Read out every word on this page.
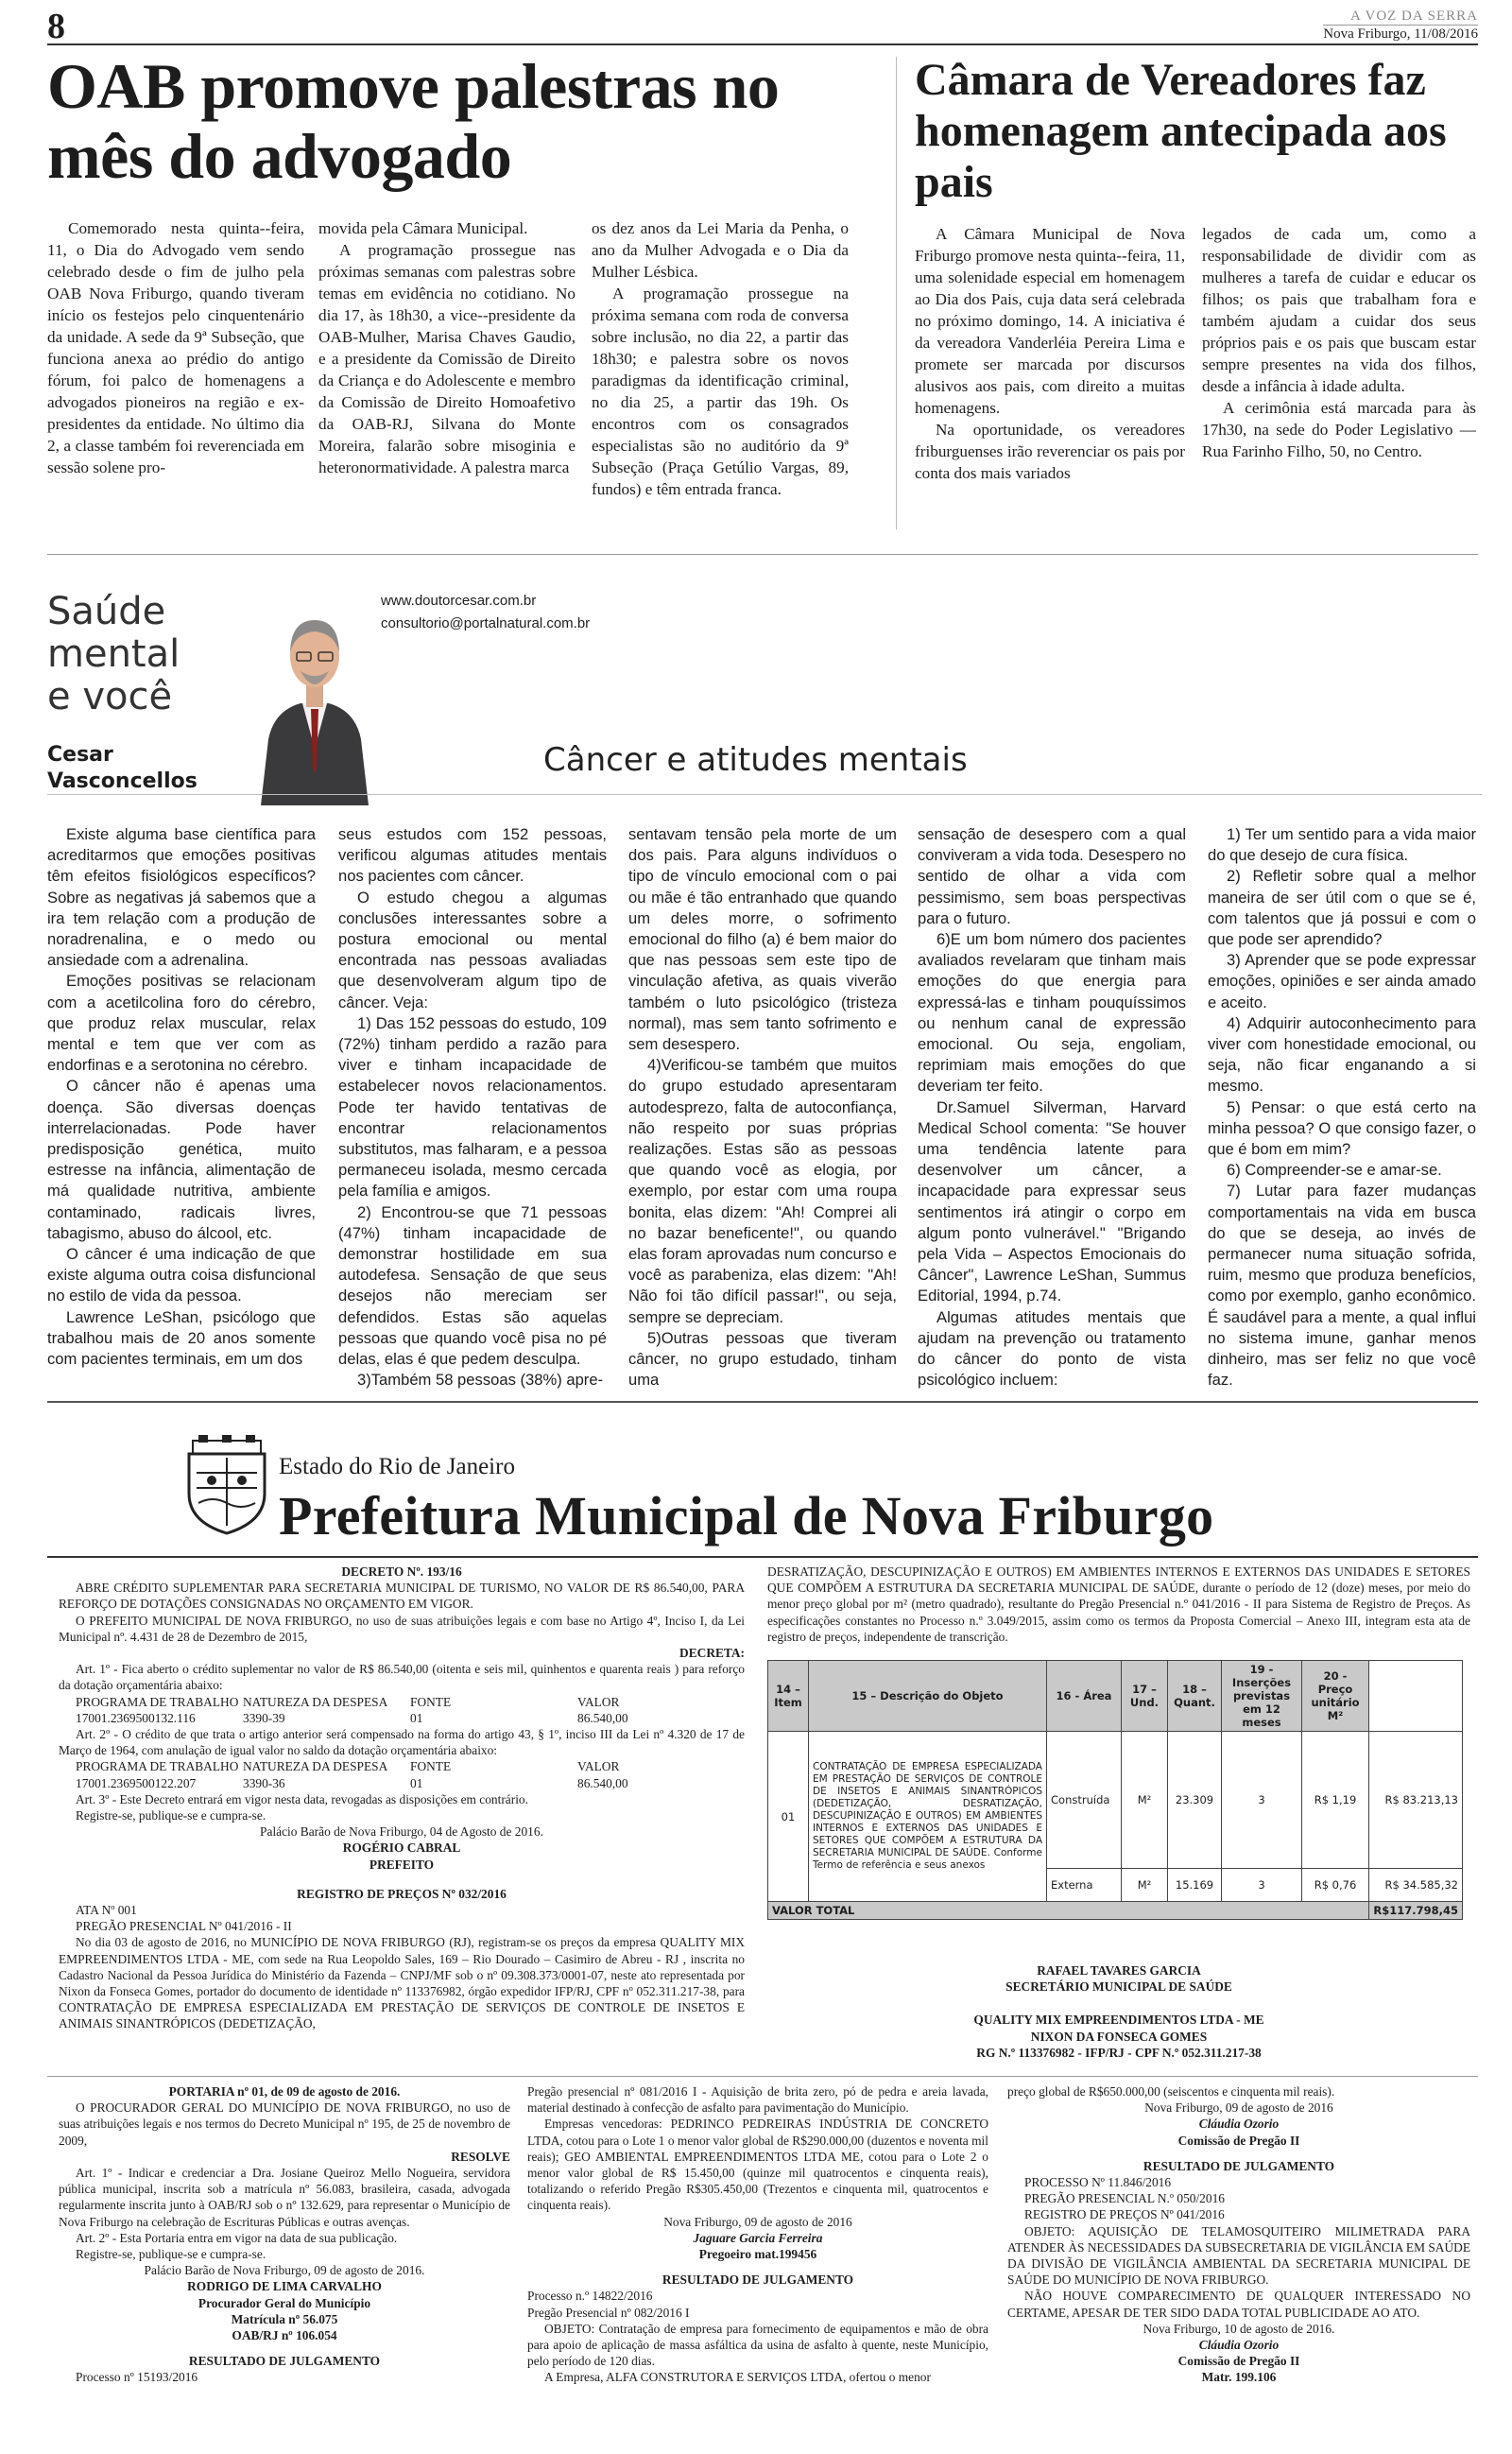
8	A VOZ DA SERRA
Nova Friburgo, 11/08/2016
OAB promove palestras no mês do advogado

Comemorado nesta quinta--feira, 11, o Dia do Advogado vem sendo celebrado desde o fim de julho pela OAB Nova Friburgo, quando tiveram início os festejos pelo cinquentenário da unidade. A sede da 9ª Subseção, que funciona anexa ao prédio do antigo fórum, foi palco de homenagens a advogados pioneiros na região e ex-presidentes da entidade. No último dia 2, a classe também foi reverenciada em sessão solene pro-

movida pela Câmara Municipal.

A programação prossegue nas próximas semanas com palestras sobre temas em evidência no cotidiano. No dia 17, às 18h30, a vice--presidente da OAB-Mulher, Marisa Chaves Gaudio, e a presidente da Comissão de Direito da Criança e do Adolescente e membro da Comissão de Direito Homoafetivo da OAB-RJ, Silvana do Monte Moreira, falarão sobre misoginia e heteronormatividade. A palestra marca

os dez anos da Lei Maria da Penha, o ano da Mulher Advogada e o Dia da Mulher Lésbica.

A programação prossegue na próxima semana com roda de conversa sobre inclusão, no dia 22, a partir das 18h30; e palestra sobre os novos paradigmas da identificação criminal, no dia 25, a partir das 19h. Os encontros com os consagrados especialistas são no auditório da 9ª Subseção (Praça Getúlio Vargas, 89, fundos) e têm entrada franca.

Câmara de Vereadores faz homenagem antecipada aos pais

A Câmara Municipal de Nova Friburgo promove nesta quinta--feira, 11, uma solenidade especial em homenagem ao Dia dos Pais, cuja data será celebrada no próximo domingo, 14. A iniciativa é da vereadora Vanderléia Pereira Lima e promete ser marcada por discursos alusivos aos pais, com direito a muitas homenagens.

Na oportunidade, os vereadores friburguenses irão reverenciar os pais por conta dos mais variados

legados de cada um, como a responsabilidade de dividir com as mulheres a tarefa de cuidar e educar os filhos; os pais que trabalham fora e também ajudam a cuidar dos seus próprios pais e os pais que buscam estar sempre presentes na vida dos filhos, desde a infância à idade adulta.

A cerimônia está marcada para às 17h30, na sede do Poder Legislativo — Rua Farinho Filho, 50, no Centro.

Saúde
mental
e você
Cesar
Vasconcellos
www.doutorcesar.com.br
consultorio@portalnatural.com.br
Câncer e atitudes mentais

Existe alguma base científica para acreditarmos que emoções positivas têm efeitos fisiológicos específicos? Sobre as negativas já sabemos que a ira tem relação com a produção de noradrenalina, e o medo ou ansiedade com a adrenalina.

Emoções positivas se relacionam com a acetilcolina foro do cérebro, que produz relax muscular, relax mental e tem que ver com as endorfinas e a serotonina no cérebro.

O câncer não é apenas uma doença. São diversas doenças interrelacionadas. Pode haver predisposição genética, muito estresse na infância, alimentação de má qualidade nutritiva, ambiente contaminado, radicais livres, tabagismo, abuso do álcool, etc.

O câncer é uma indicação de que existe alguma outra coisa disfuncional no estilo de vida da pessoa.

Lawrence LeShan, psicólogo que trabalhou mais de 20 anos somente com pacientes terminais, em um dos

seus estudos com 152 pessoas, verificou algumas atitudes mentais nos pacientes com câncer.

O estudo chegou a algumas conclusões interessantes sobre a postura emocional ou mental encontrada nas pessoas avaliadas que desenvolveram algum tipo de câncer. Veja:

1) Das 152 pessoas do estudo, 109 (72%) tinham perdido a razão para viver e tinham incapacidade de estabelecer novos relacionamentos. Pode ter havido tentativas de encontrar relacionamentos substitutos, mas falharam, e a pessoa permaneceu isolada, mesmo cercada pela família e amigos.

2) Encontrou-se que 71 pessoas (47%) tinham incapacidade de demonstrar hostilidade em sua autodefesa. Sensação de que seus desejos não mereciam ser defendidos. Estas são aquelas pessoas que quando você pisa no pé delas, elas é que pedem desculpa.

3)Também 58 pessoas (38%) apre-

sentavam tensão pela morte de um dos pais. Para alguns indivíduos o tipo de vínculo emocional com o pai ou mãe é tão entranhado que quando um deles morre, o sofrimento emocional do filho (a) é bem maior do que nas pessoas sem este tipo de vinculação afetiva, as quais viverão também o luto psicológico (tristeza normal), mas sem tanto sofrimento e sem desespero.

4)Verificou-se também que muitos do grupo estudado apresentaram autodesprezo, falta de autoconfiança, não respeito por suas próprias realizações. Estas são as pessoas que quando você as elogia, por exemplo, por estar com uma roupa bonita, elas dizem: "Ah! Comprei ali no bazar beneficente!", ou quando elas foram aprovadas num concurso e você as parabeniza, elas dizem: "Ah! Não foi tão difícil passar!", ou seja, sempre se depreciam.

5)Outras pessoas que tiveram câncer, no grupo estudado, tinham uma

sensação de desespero com a qual conviveram a vida toda. Desespero no sentido de olhar a vida com pessimismo, sem boas perspectivas para o futuro.

6)E um bom número dos pacientes avaliados revelaram que tinham mais emoções do que energia para expressá-las e tinham pouquíssimos ou nenhum canal de expressão emocional. Ou seja, engoliam, reprimiam mais emoções do que deveriam ter feito.

Dr.Samuel Silverman, Harvard Medical School comenta: "Se houver uma tendência latente para desenvolver um câncer, a incapacidade para expressar seus sentimentos irá atingir o corpo em algum ponto vulnerável." "Brigando pela Vida – Aspectos Emocionais do Câncer", Lawrence LeShan, Summus Editorial, 1994, p.74.

Algumas atitudes mentais que ajudam na prevenção ou tratamento do câncer do ponto de vista psicológico incluem:

1) Ter um sentido para a vida maior do que desejo de cura física.

2) Refletir sobre qual a melhor maneira de ser útil com o que se é, com talentos que já possui e com o que pode ser aprendido?

3) Aprender que se pode expressar emoções, opiniões e ser ainda amado e aceito.

4) Adquirir autoconhecimento para viver com honestidade emocional, ou seja, não ficar enganando a si mesmo.

5) Pensar: o que está certo na minha pessoa? O que consigo fazer, o que é bom em mim?

6) Compreender-se e amar-se.

7) Lutar para fazer mudanças comportamentais na vida em busca do que se deseja, ao invés de permanecer numa situação sofrida, ruim, mesmo que produza benefícios, como por exemplo, ganho econômico. É saudável para a mente, a qual influi no sistema imune, ganhar menos dinheiro, mas ser feliz no que você faz.

Estado do Rio de Janeiro
Prefeitura Municipal de Nova Friburgo

DECRETO Nº. 193/16

ABRE CRÉDITO SUPLEMENTAR PARA SECRETARIA MUNICIPAL DE TURISMO, NO VALOR DE R$ 86.540,00, PARA REFORÇO DE DOTAÇÕES CONSIGNADAS NO ORÇAMENTO EM VIGOR.

O PREFEITO MUNICIPAL DE NOVA FRIBURGO, no uso de suas atribuições legais e com base no Artigo 4º, Inciso I, da Lei Municipal nº. 4.431 de 28 de Dezembro de 2015,

DECRETA:

Art. 1º - Fica aberto o crédito suplementar no valor de R$ 86.540,00 (oitenta e seis mil, quinhentos e quarenta reais ) para reforço da dotação orçamentária abaixo:

PROGRAMA DE TRABALHO NATUREZA DA DESPESA	FONTE	VALOR
17001.2369500132.116	3390-39	01	86.540,00

Art. 2º - O crédito de que trata o artigo anterior será compensado na forma do artigo 43, § 1º, inciso III da Lei nº 4.320 de 17 de Março de 1964, com anulação de igual valor no saldo da dotação orçamentária abaixo:

PROGRAMA DE TRABALHO NATUREZA DA DESPESA	FONTE	VALOR
17001.2369500122.207	3390-36	01	86.540,00

Art. 3º - Este Decreto entrará em vigor nesta data, revogadas as disposições em contrário.

Registre-se, publique-se e cumpra-se.

Palácio Barão de Nova Friburgo, 04 de Agosto de 2016.

ROGÉRIO CABRAL

PREFEITO

REGISTRO DE PREÇOS Nº 032/2016

ATA Nº 001

PREGÃO PRESENCIAL Nº 041/2016 - II

No dia 03 de agosto de 2016, no MUNICÍPIO DE NOVA FRIBURGO (RJ), registram-se os preços da empresa QUALITY MIX EMPREENDIMENTOS LTDA - ME, com sede na Rua Leopoldo Sales, 169 – Rio Dourado – Casimiro de Abreu - RJ , inscrita no Cadastro Nacional da Pessoa Jurídica do Ministério da Fazenda – CNPJ/MF sob o nº 09.308.373/0001-07, neste ato representada por Nixon da Fonseca Gomes, portador do documento de identidade nº 113376982, órgão expedidor IFP/RJ, CPF nº 052.311.217-38, para CONTRATAÇÃO DE EMPRESA ESPECIALIZADA EM PRESTAÇÃO DE SERVIÇOS DE CONTROLE DE INSETOS E ANIMAIS SINANTRÓPICOS (DEDETIZAÇÃO,

DESRATIZAÇÃO, DESCUPINIZAÇÃO E OUTROS) EM AMBIENTES INTERNOS E EXTERNOS DAS UNIDADES E SETORES QUE COMPÕEM A ESTRUTURA DA SECRETARIA MUNICIPAL DE SAÚDE, durante o período de 12 (doze) meses, por meio do menor preço global por m² (metro quadrado), resultante do Pregão Presencial n.º 041/2016 - II para Sistema de Registro de Preços. As especificações constantes no Processo n.º 3.049/2015, assim como os termos da Proposta Comercial – Anexo III, integram esta ata de registro de preços, independente de transcrição.

14 – Item	15 – Descrição do Objeto	16 - Área	17 – Und.	18 – Quant.	19 - Inserções previstas em 12 meses	20 - Preço unitário M²	
01	CONTRATAÇÃO DE EMPRESA ESPECIALIZADA EM PRESTAÇÃO DE SERVIÇOS DE CONTROLE DE INSETOS E ANIMAIS SINANTRÓPICOS (DEDETIZAÇÃO, DESRATIZAÇÃO, DESCUPINIZAÇÃO E OUTROS) EM AMBIENTES INTERNOS E EXTERNOS DAS UNIDADES E SETORES QUE COMPÕEM A ESTRUTURA DA SECRETARIA MUNICIPAL DE SAÚDE. Conforme Termo de referência e seus anexos	Construída	M²	23.309	3	R$ 1,19	R$ 83.213,13
		Externa	M²	15.169	3	R$ 0,76	R$ 34.585,32
VALOR TOTAL							R$117.798,45

RAFAEL TAVARES GARCIA

SECRETÁRIO MUNICIPAL DE SAÚDE

QUALITY MIX EMPREENDIMENTOS LTDA - ME

NIXON DA FONSECA GOMES

RG N.º 113376982 - IFP/RJ - CPF N.º 052.311.217-38

PORTARIA nº 01, de 09 de agosto de 2016.

O PROCURADOR GERAL DO MUNICÍPIO DE NOVA FRIBURGO, no uso de suas atribuições legais e nos termos do Decreto Municipal nº 195, de 25 de novembro de 2009,

RESOLVE

Art. 1º - Indicar e credenciar a Dra. Josiane Queiroz Mello Nogueira, servidora pública municipal, inscrita sob a matrícula nº 56.083, brasileira, casada, advogada regularmente inscrita junto à OAB/RJ sob o nº 132.629, para representar o Município de Nova Friburgo na celebração de Escrituras Públicas e outras avenças.

Art. 2º - Esta Portaria entra em vigor na data de sua publicação.

Registre-se, publique-se e cumpra-se.

Palácio Barão de Nova Friburgo, 09 de agosto de 2016.

RODRIGO DE LIMA CARVALHO

Procurador Geral do Município

Matrícula nº 56.075

OAB/RJ nº 106.054

RESULTADO DE JULGAMENTO

Processo nº 15193/2016

Pregão presencial nº 081/2016 I - Aquisição de brita zero, pó de pedra e areia lavada, material destinado à confecção de asfalto para pavimentação do Município.

Empresas vencedoras: PEDRINCO PEDREIRAS INDÚSTRIA DE CONCRETO LTDA, cotou para o Lote 1 o menor valor global de R$290.000,00 (duzentos e noventa mil reais); GEO AMBIENTAL EMPREENDIMENTOS LTDA ME, cotou para o Lote 2 o menor valor global de R$ 15.450,00 (quinze mil quatrocentos e cinquenta reais), totalizando o referido Pregão R$305.450,00 (Trezentos e cinquenta mil, quatrocentos e cinquenta reais).

Nova Friburgo, 09 de agosto de 2016

Jaguare Garcia Ferreira

Pregoeiro mat.199456

RESULTADO DE JULGAMENTO

Processo n.º 14822/2016

Pregão Presencial nº 082/2016 I

OBJETO: Contratação de empresa para fornecimento de equipamentos e mão de obra para apoio de aplicação de massa asfáltica da usina de asfalto à quente, neste Município, pelo período de 120 dias.

A Empresa, ALFA CONSTRUTORA E SERVIÇOS LTDA, ofertou o menor

preço global de R$650.000,00 (seiscentos e cinquenta mil reais).

Nova Friburgo, 09 de agosto de 2016

Cláudia Ozorio

Comissão de Pregão II

RESULTADO DE JULGAMENTO

PROCESSO Nº 11.846/2016

PREGÃO PRESENCIAL N.º 050/2016

REGISTRO DE PREÇOS Nº 041/2016

OBJETO: AQUISIÇÃO DE TELAMOSQUITEIRO MILIMETRADA PARA ATENDER ÀS NECESSIDADES DA SUBSECRETARIA DE VIGILÂNCIA EM SAÚDE DA DIVISÃO DE VIGILÂNCIA AMBIENTAL DA SECRETARIA MUNICIPAL DE SAÚDE DO MUNICÍPIO DE NOVA FRIBURGO.

NÃO HOUVE COMPARECIMENTO DE QUALQUER INTERESSADO NO CERTAME, APESAR DE TER SIDO DADA TOTAL PUBLICIDADE AO ATO.

Nova Friburgo, 10 de agosto de 2016.

Cláudia Ozorio

Comissão de Pregão II

Matr. 199.106
